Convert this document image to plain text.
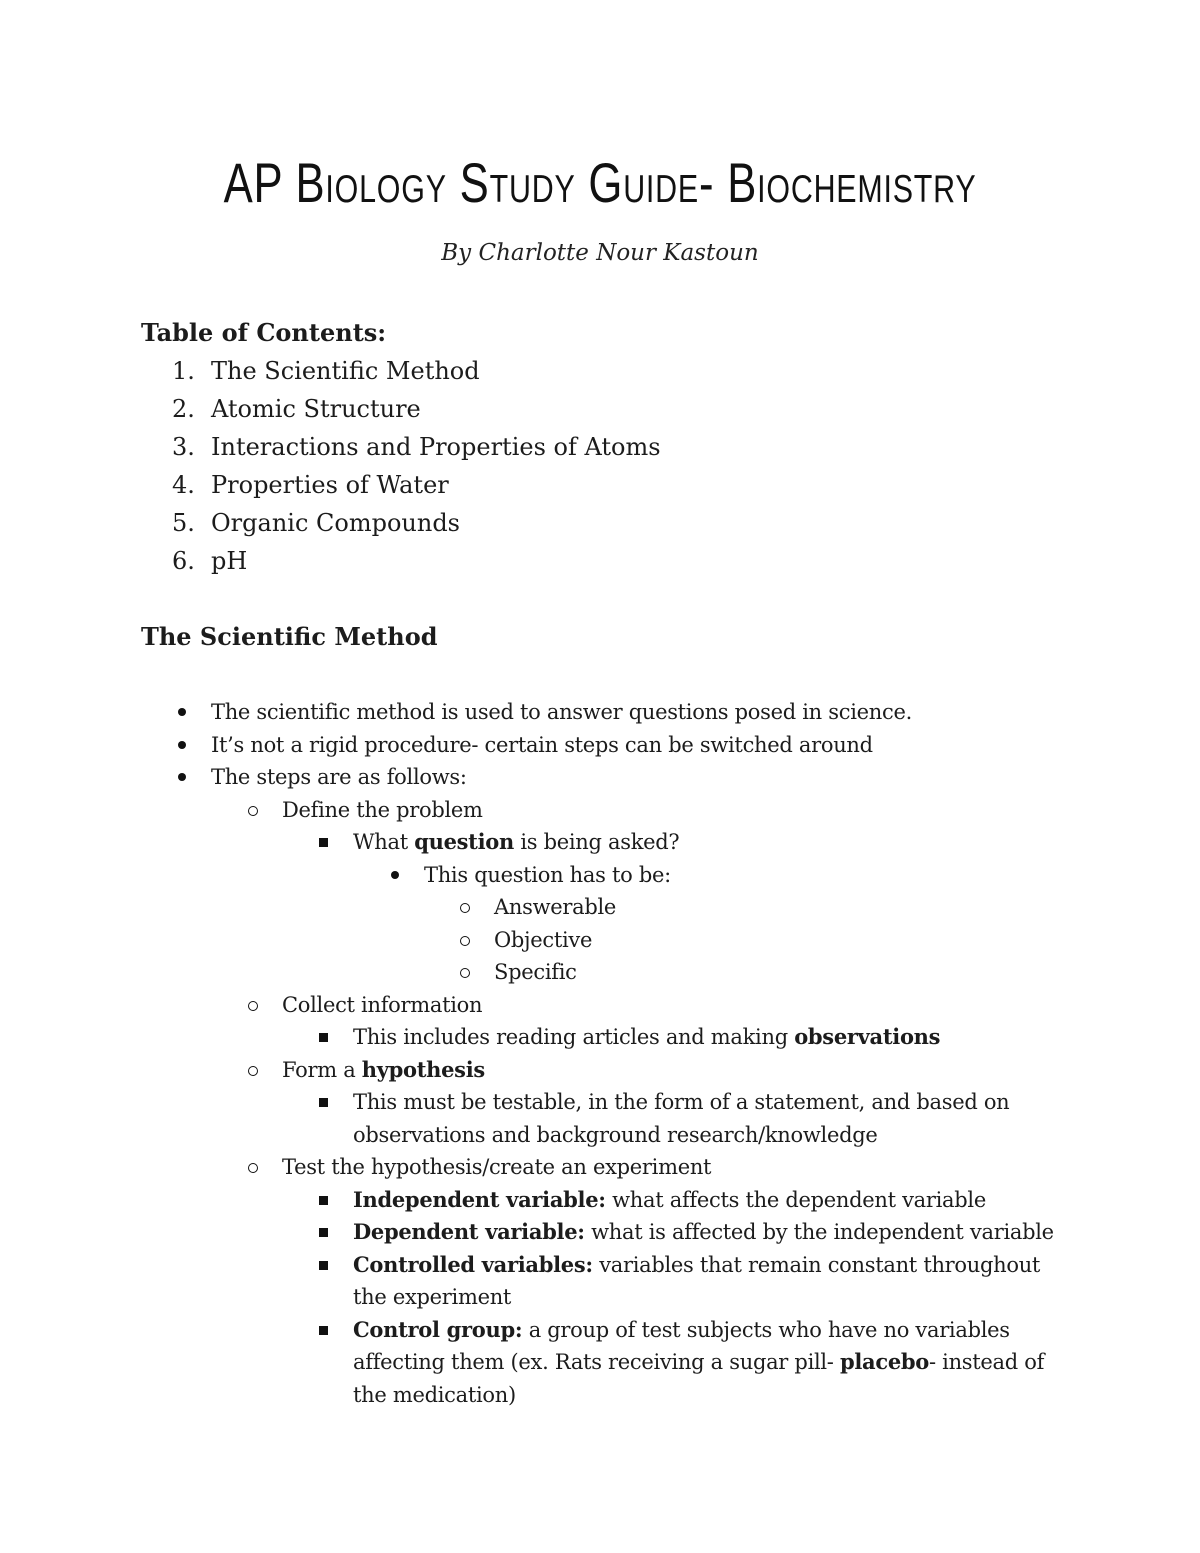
AP Biology Study Guide- Biochemistry
By Charlotte Nour Kastoun
Table of Contents:
1. The Scientific Method
2. Atomic Structure
3. Interactions and Properties of Atoms
4. Properties of Water
5. Organic Compounds
6. pH
The Scientific Method
The scientific method is used to answer questions posed in science.
It’s not a rigid procedure- certain steps can be switched around
The steps are as follows:
Define the problem
What question is being asked?
This question has to be:
Answerable
Objective
Specific
Collect information
This includes reading articles and making observations
Form a hypothesis
This must be testable, in the form of a statement, and based on
observations and background research/knowledge
Test the hypothesis/create an experiment
Independent variable: what affects the dependent variable
Dependent variable: what is affected by the independent variable
Controlled variables: variables that remain constant throughout
the experiment
Control group: a group of test subjects who have no variables
affecting them (ex. Rats receiving a sugar pill- placebo- instead of
the medication)
